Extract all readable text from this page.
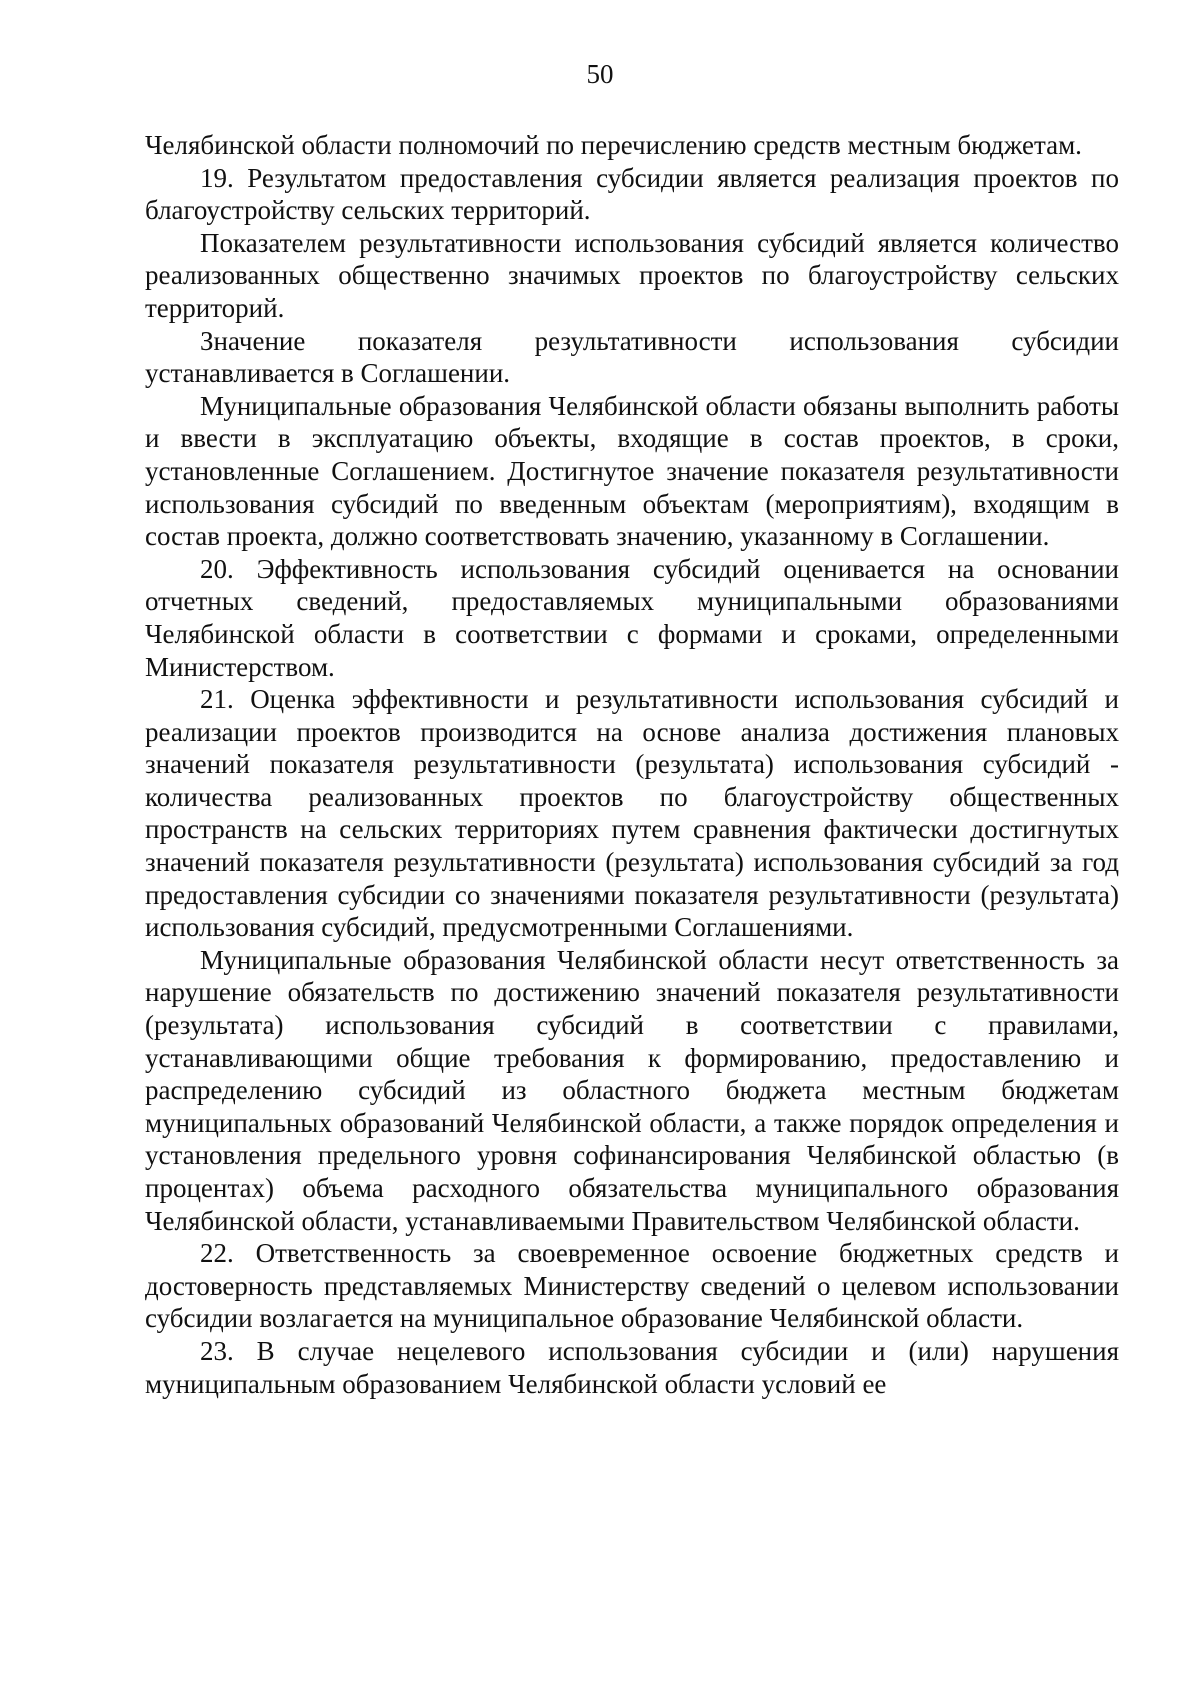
50

Челябинской области полномочий по перечислению средств местным бюджетам.

19. Результатом предоставления субсидии является реализация проектов по благоустройству сельских территорий.

Показателем результативности использования субсидий является количество реализованных общественно значимых проектов по благоустройству сельских территорий.

Значение показателя результативности использования субсидии устанавливается в Соглашении.

Муниципальные образования Челябинской области обязаны выполнить работы и ввести в эксплуатацию объекты, входящие в состав проектов, в сроки, установленные Соглашением. Достигнутое значение показателя результативности использования субсидий по введенным объектам (мероприятиям), входящим в состав проекта, должно соответствовать значению, указанному в Соглашении.

20. Эффективность использования субсидий оценивается на основании отчетных сведений, предоставляемых муниципальными образованиями Челябинской области в соответствии с формами и сроками, определенными Министерством.

21. Оценка эффективности и результативности использования субсидий и реализации проектов производится на основе анализа достижения плановых значений показателя результативности (результата) использования субсидий - количества реализованных проектов по благоустройству общественных пространств на сельских территориях путем сравнения фактически достигнутых значений показателя результативности (результата) использования субсидий за год предоставления субсидии со значениями показателя результативности (результата) использования субсидий, предусмотренными Соглашениями.

Муниципальные образования Челябинской области несут ответственность за нарушение обязательств по достижению значений показателя результативности (результата) использования субсидий в соответствии с правилами, устанавливающими общие требования к формированию, предоставлению и распределению субсидий из областного бюджета местным бюджетам муниципальных образований Челябинской области, а также порядок определения и установления предельного уровня софинансирования Челябинской областью (в процентах) объема расходного обязательства муниципального образования Челябинской области, устанавливаемыми Правительством Челябинской области.

22. Ответственность за своевременное освоение бюджетных средств и достоверность представляемых Министерству сведений о целевом использовании субсидии возлагается на муниципальное образование Челябинской области.

23. В случае нецелевого использования субсидии и (или) нарушения муниципальным образованием Челябинской области условий ее
